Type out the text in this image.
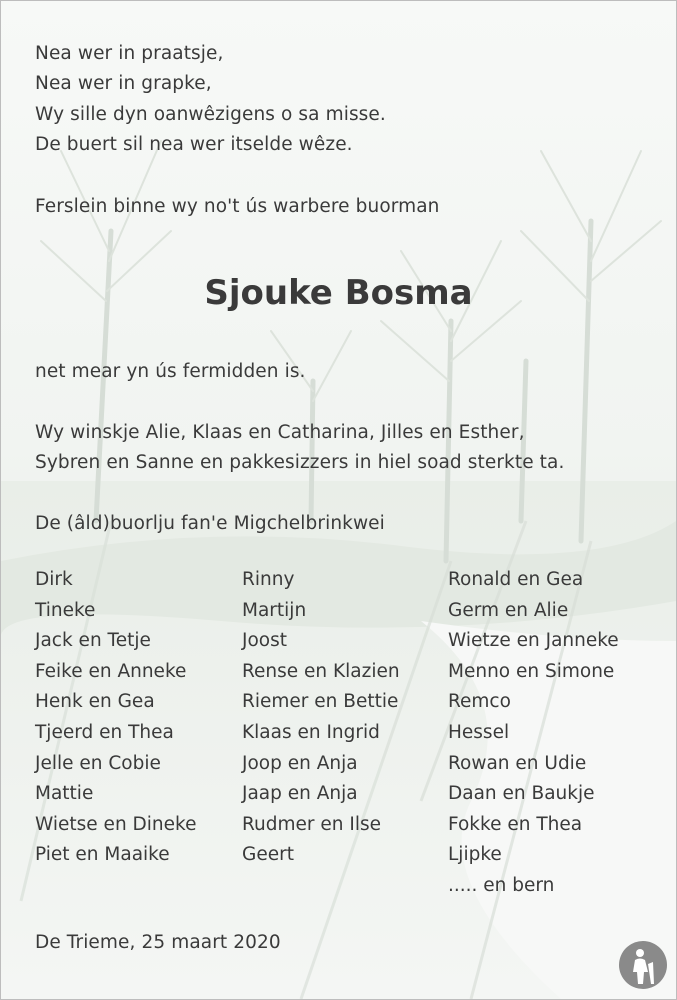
Nea wer in praatsje,
Nea wer in grapke,
Wy sille dyn oanwêzigens o sa misse.
De buert sil nea wer itselde wêze.
Ferslein binne wy no't ús warbere buorman
Sjouke Bosma
net mear yn ús fermidden is.
Wy winskje Alie, Klaas en Catharina, Jilles en Esther,
Sybren en Sanne en pakkesizzers in hiel soad sterkte ta.
De (âld)buorlju fan'e Migchelbrinkwei
Dirk
Tineke
Jack en Tetje
Feike en Anneke
Henk en Gea
Tjeerd en Thea
Jelle en Cobie
Mattie
Wietse en Dineke
Piet en Maaike
Rinny
Martijn
Joost
Rense en Klazien
Riemer en Bettie
Klaas en Ingrid
Joop en Anja
Jaap en Anja
Rudmer en Ilse
Geert
Ronald en Gea
Germ en Alie
Wietze en Janneke
Menno en Simone
Remco
Hessel
Rowan en Udie
Daan en Baukje
Fokke en Thea
Ljipke
..... en bern
De Trieme, 25 maart 2020
